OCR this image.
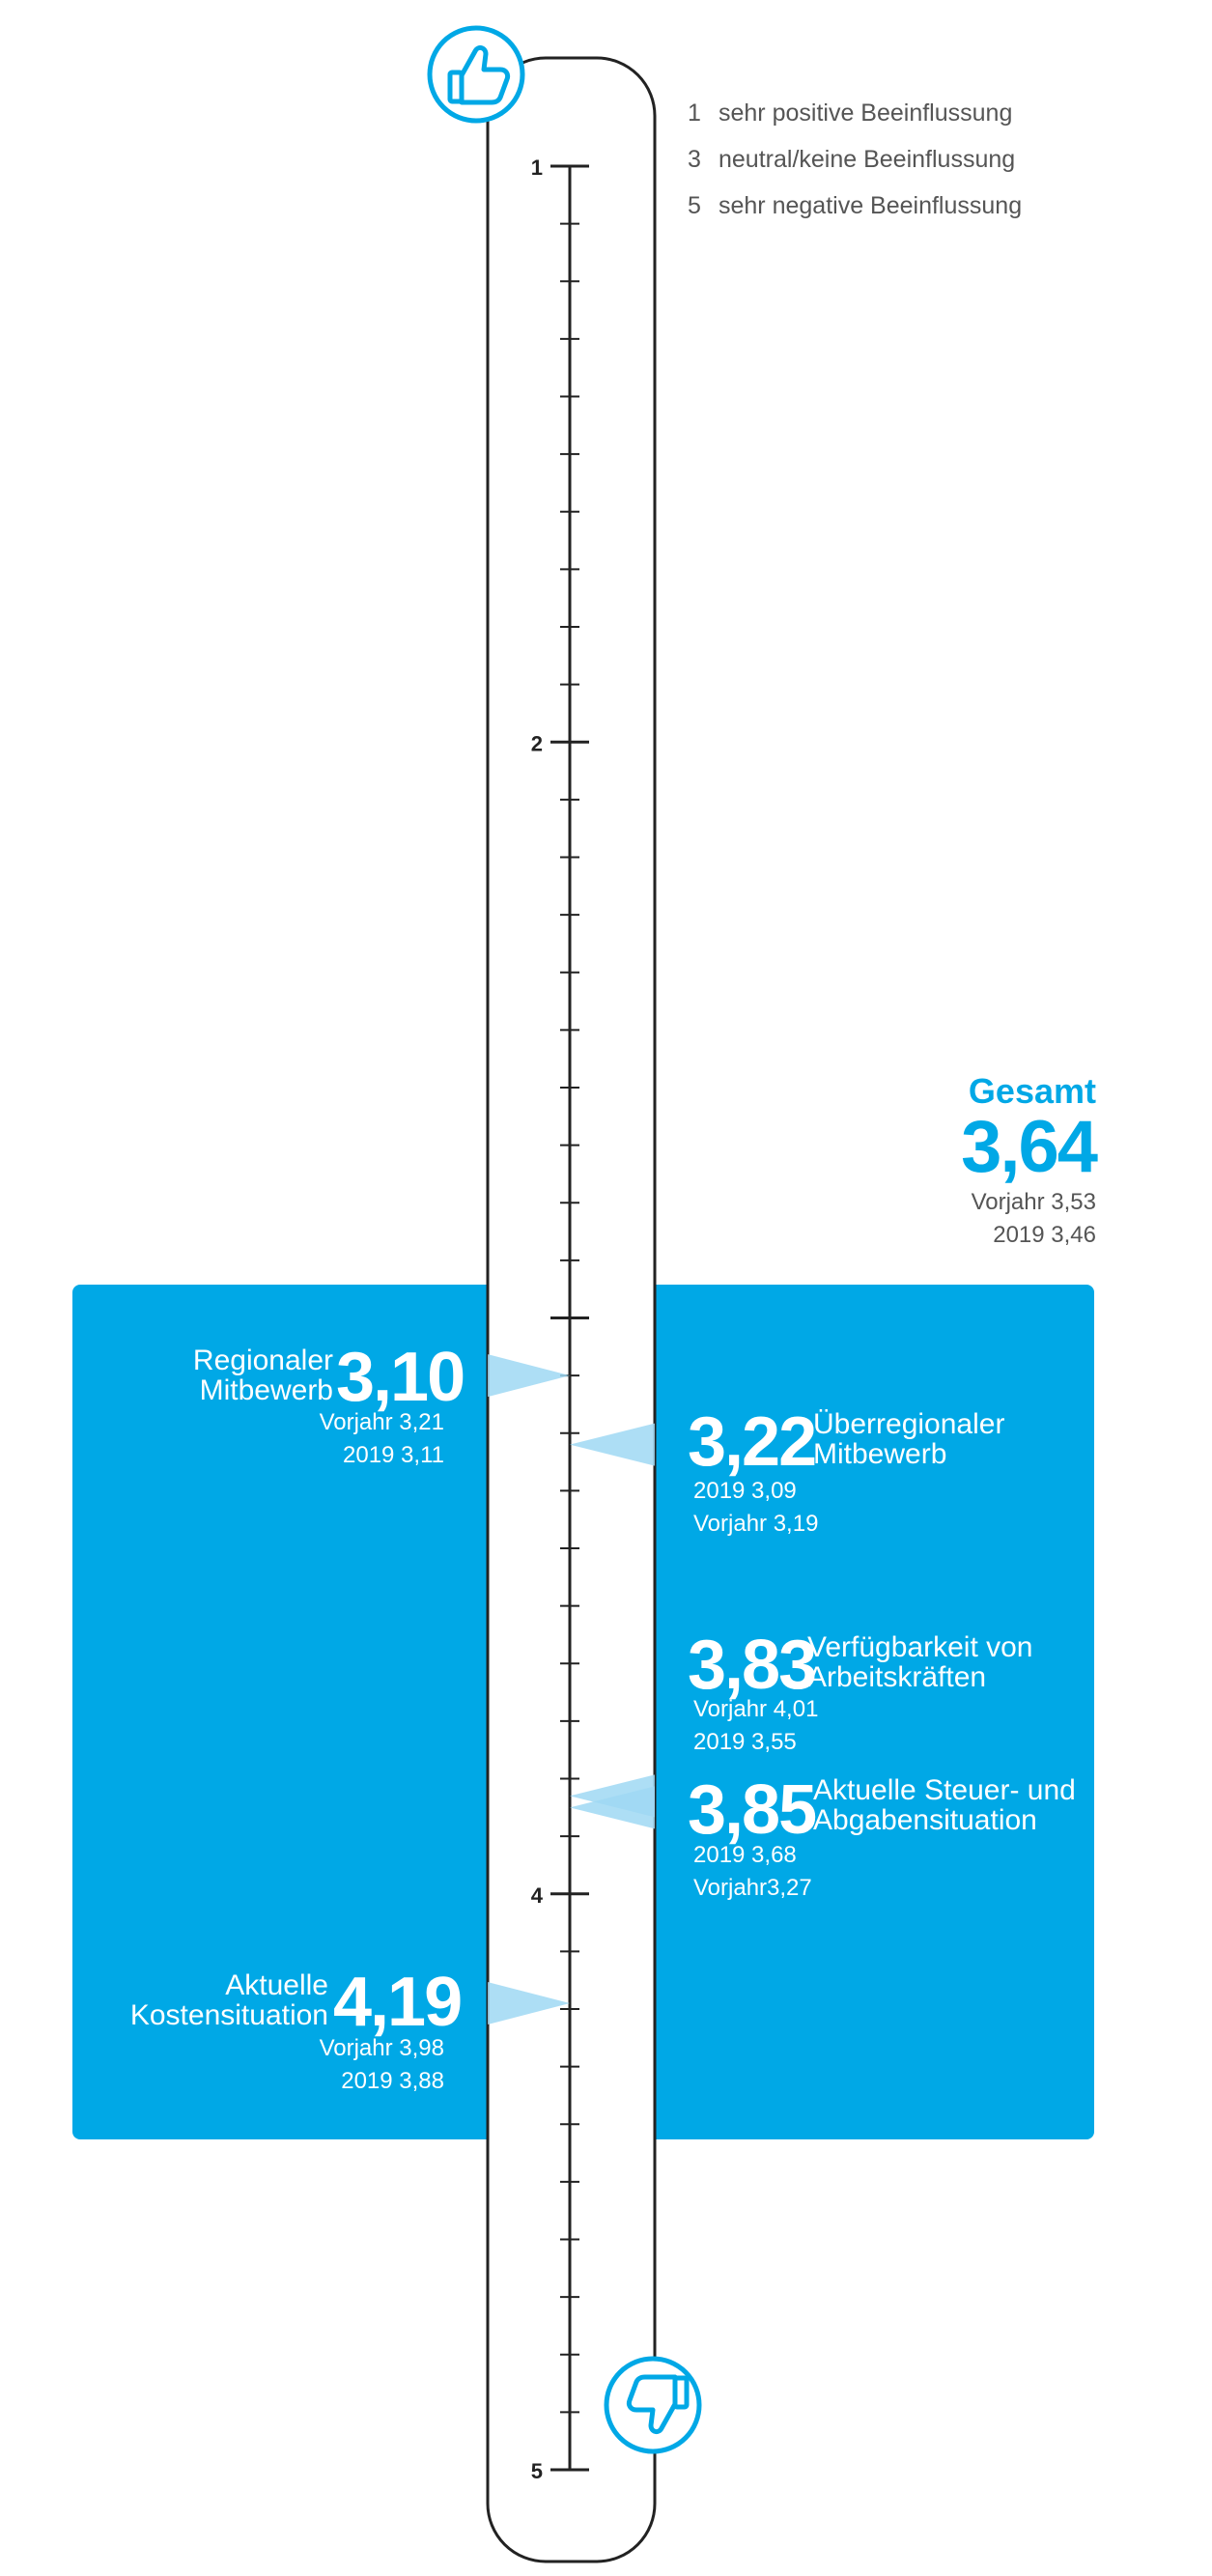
1
2
4
5
1 sehr positive Beeinflussung
3 neutral/keine Beeinflussung
5 sehr negative Beeinflussung
Gesamt
3,64
Vorjahr 3,53
2019 3,46
Regionaler Mitbewerb 3,10
Vorjahr 3,21
2019 3,11	3,22
Überregionaler Mitbewerb
2019 3,09
Vorjahr 3,19
3,83
Verfügbarkeit von Arbeitskräften
Vorjahr 4,01
2019 3,55
3,85
Aktuelle Steuer- und Abgabensituation
2019 3,68
Vorjahr3,27
Aktuelle Kostensituation 4,19
Vorjahr 3,98
2019 3,88
